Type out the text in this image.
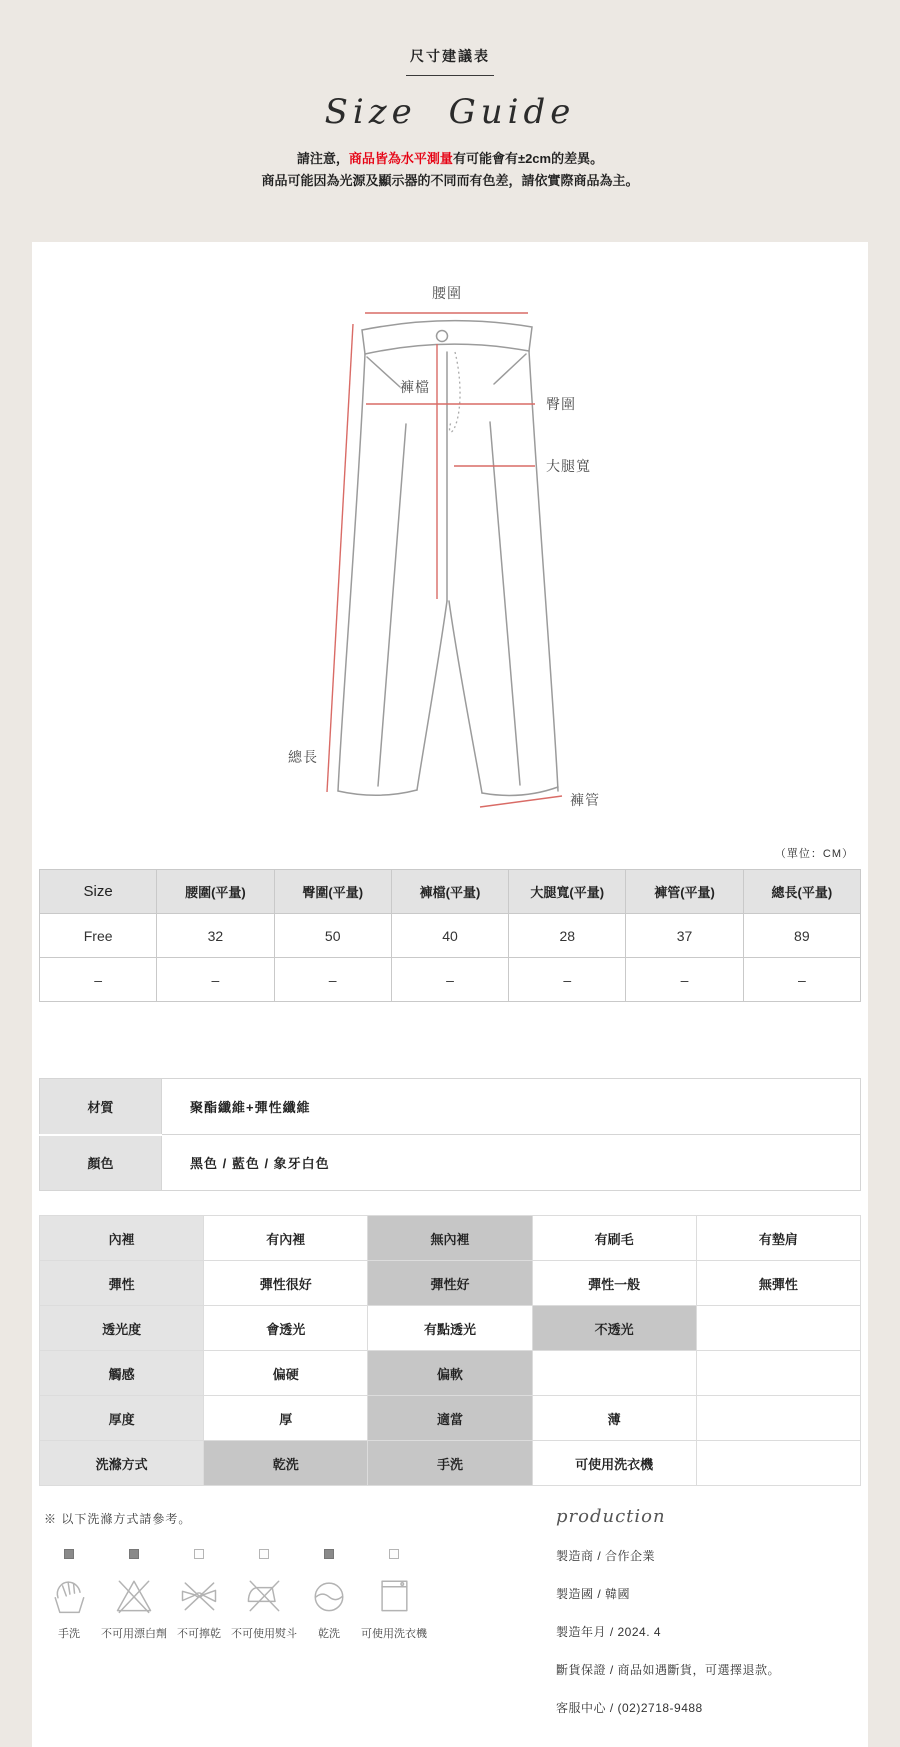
尺寸建議表
Size Guide
請注意，商品皆為水平測量有可能會有±2cm的差異。
商品可能因為光源及顯示器的不同而有色差，請依實際商品為主。
腰圍
褲檔
臀圍
大腿寬
總長
褲管
（單位：CM）
Size	腰圍(平量)	臀圍(平量)	褲檔(平量)	大腿寬(平量)	褲管(平量)	總長(平量)
Free	32	50	40	28	37	89
–	–	–	–	–	–	–
材質	聚酯纖維+彈性纖維
顏色	黑色 / 藍色 / 象牙白色
內裡	有內裡	無內裡	有刷毛	有墊肩
彈性	彈性很好	彈性好	彈性一般	無彈性
透光度	會透光	有點透光	不透光	
觸感	偏硬	偏軟		
厚度	厚	適當	薄	
洗滌方式	乾洗	手洗	可使用洗衣機	
※ 以下洗滌方式請參考。
手洗 不可用漂白劑 不可擰乾 不可使用熨斗 乾洗 可使用洗衣機
production
製造商 / 合作企業
製造國 / 韓國
製造年月 / 2024. 4
斷貨保證 / 商品如遇斷貨，可選擇退款。
客服中心 / (02)2718-9488
